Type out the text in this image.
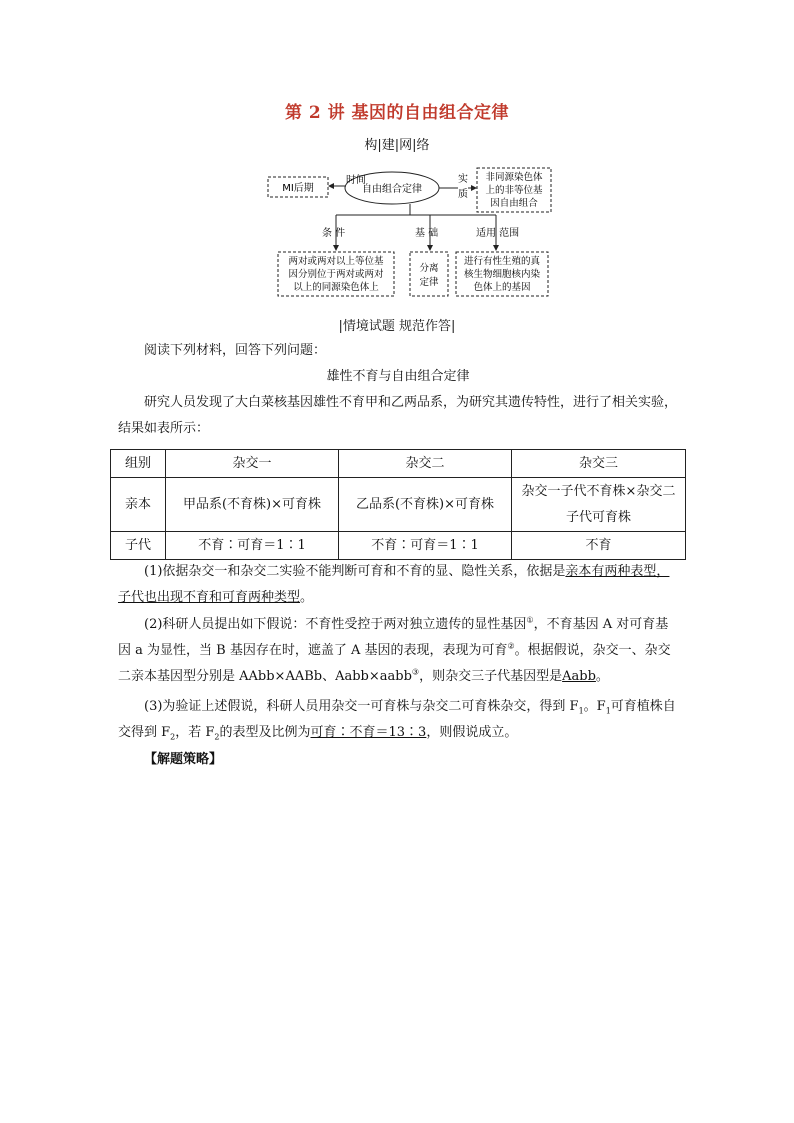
第 2 讲 基因的自由组合定律
构|建|网|络
自由组合定律
MⅠ后期
时间	实
质
非同源染色体
上的非等位基
因自由组合
条 件	基 础	适用 范围
两对或两对以上等位基
因分别位于两对或两对
以上的同源染色体上
分离
定律
进行有性生殖的真
核生物细胞核内染
色体上的基因
|情境试题 规范作答|
阅读下列材料，回答下列问题：
雄性不育与自由组合定律
研究人员发现了大白菜核基因雄性不育甲和乙两品系，为研究其遗传特性，进行了相关实验，结果如表所示：
组别	杂交一	杂交二	杂交三
亲本	甲品系(不育株)×可育株	乙品系(不育株)×可育株	杂交一子代不育株×杂交二子代可育株
子代	不育∶可育＝1∶1	不育∶可育＝1∶1	不育
(1)依据杂交一和杂交二实验不能判断可育和不育的显、隐性关系，依据是亲本有两种表型，子代也出现不育和可育两种类型。
(2)科研人员提出如下假说：不育性受控于两对独立遗传的显性基因①，不育基因 A 对可育基因 a 为显性，当 B 基因存在时，遮盖了 A 基因的表现，表现为可育②。根据假说，杂交一、杂交二亲本基因型分别是 AAbb×AABb、Aabb×aabb③，则杂交三子代基因型是Aabb。
(3)为验证上述假说，科研人员用杂交一可育株与杂交二可育株杂交，得到 $F_1$。$F_1$可育植株自交得到 $F_2$，若 $F_2$的表型及比例为可育∶不育＝13∶3，则假说成立。
【解题策略】
